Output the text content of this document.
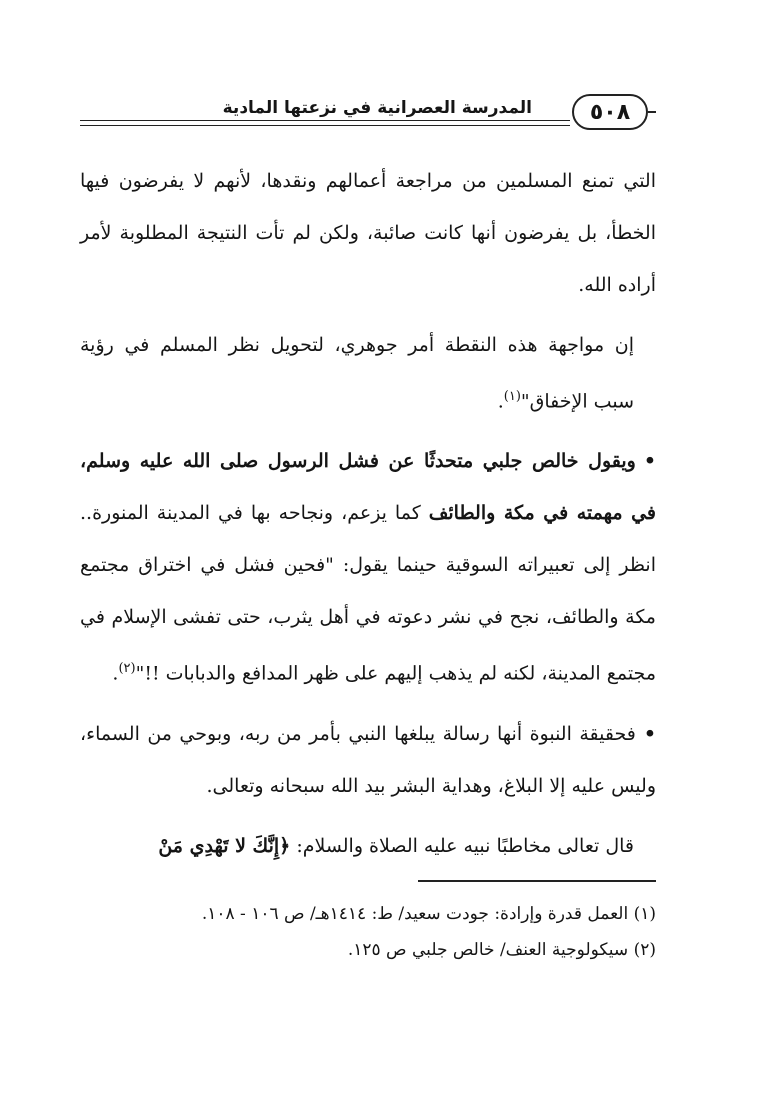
المدرسة العصرانية في نزعتها المادية	٥٠٨

التي تمنع المسلمين من مراجعة أعمالهم ونقدها، لأنهم لا يفرضون فيها الخطأ، بل يفرضون أنها كانت صائبة، ولكن لم تأت النتيجة المطلوبة لأمر أراده الله.

إن مواجهة هذه النقطة أمر جوهري، لتحويل نظر المسلم في رؤية سبب الإخفاق"$^{(١)}$.

•ويقول خالص جلبي متحدثًا عن فشل الرسول صلى الله عليه وسلم، في مهمته في مكة والطائف كما يزعم، ونجاحه بها في المدينة المنورة.. انظر إلى تعبيراته السوقية حينما يقول: "فحين فشل في اختراق مجتمع مكة والطائف، نجح في نشر دعوته في أهل يثرب، حتى تفشى الإسلام في مجتمع المدينة، لكنه لم يذهب إليهم على ظهر المدافع والدبابات !!"$^{(٢)}$.

•فحقيقة النبوة أنها رسالة يبلغها النبي بأمر من ربه، وبوحي من السماء، وليس عليه إلا البلاغ، وهداية البشر بيد الله سبحانه وتعالى.

قال تعالى مخاطبًا نبيه عليه الصلاة والسلام: ﴿إِنَّكَ لا تَهْدِي مَنْ

(١) العمل قدرة وإرادة: جودت سعيد/ ط: ١٤١٤هـ/ ص ١٠٦ - ١٠٨.

(٢) سيكولوجية العنف/ خالص جلبي ص ١٢٥.
